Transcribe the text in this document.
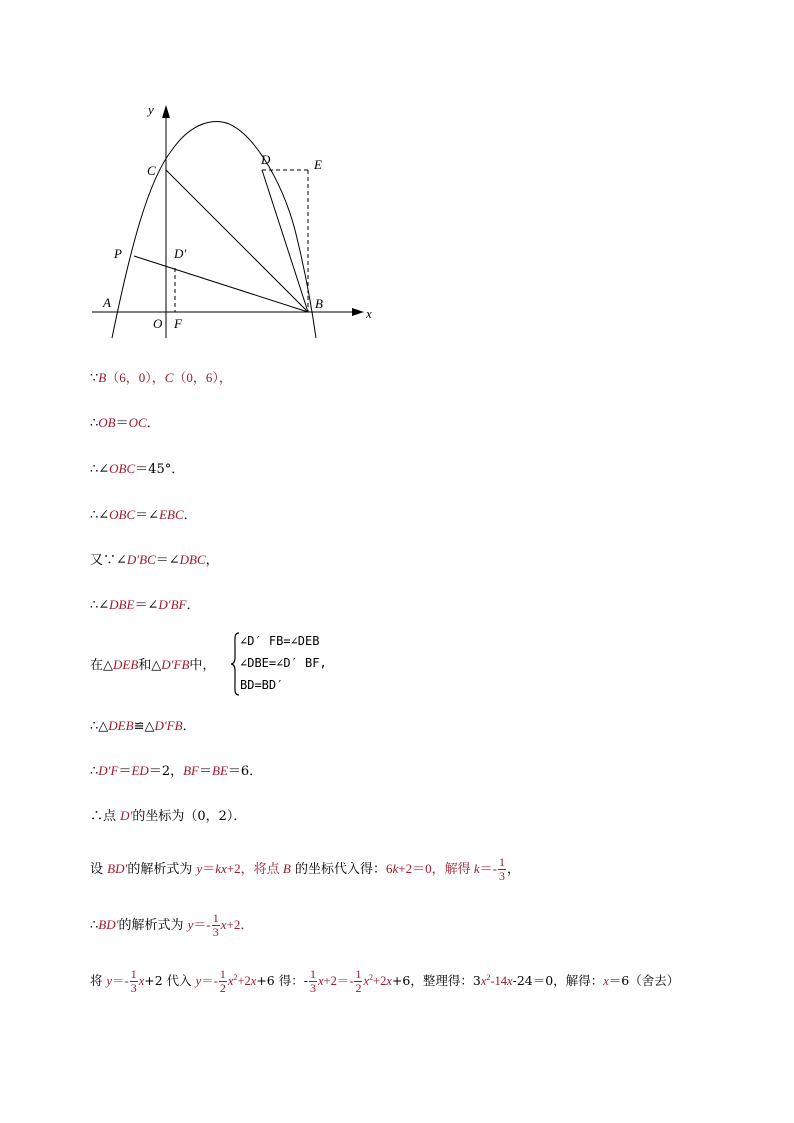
y
x
C
D	E
P	D′
A
O F
B
∵B（6，0），C（0，6），
∴OB＝OC．
∴∠OBC＝45°．
∴∠OBC＝∠EBC．
又∵∠D′BC＝∠DBC，
∴∠DBE＝∠D′BF．
在△DEB和△D′FB中，
∠D′ FB=∠DEB
∠DBE=∠D′ BF,
BD=BD′
∴△DEB≌△D′FB．
∴D′F＝ED＝2，BF＝BE＝6．
∴点 D′的坐标为（0，2）．
设 BD′的解析式为 y＝kx+2，将点 B 的坐标代入得：6k+2＝0，解得 $k=- \frac{1}{3}$ ，
∴BD′的解析式为 $y=- \frac{1}{3} x+2$．
将 $y=- \frac{1}{3} x+2$ 代入 $y=- \frac{1}{2} x^2+2x+6$ 得：- $\frac{1}{3} x+2=- \frac{1}{2} x^2+2x+6$，整理得：$3x^2-14x-24=0$，解得：x＝6（舍去）
